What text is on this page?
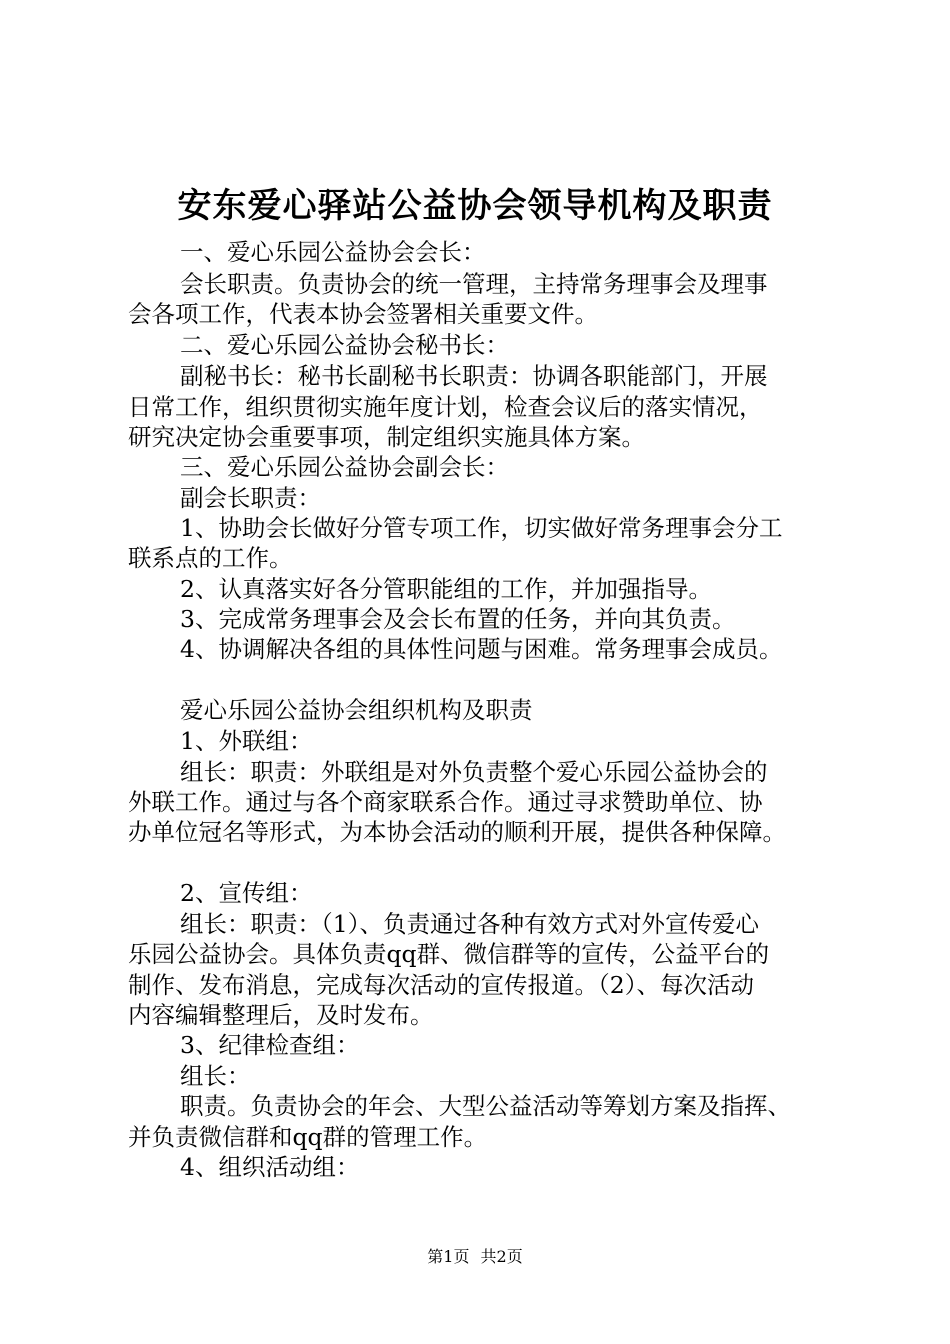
安东爱心驿站公益协会领导机构及职责
一、爱心乐园公益协会会长：
会长职责。负责协会的统一管理，主持常务理事会及理事
会各项工作，代表本协会签署相关重要文件。
二、爱心乐园公益协会秘书长：
副秘书长：秘书长副秘书长职责：协调各职能部门，开展
日常工作，组织贯彻实施年度计划，检查会议后的落实情况，
研究决定协会重要事项，制定组织实施具体方案。
三、爱心乐园公益协会副会长：
副会长职责：
1、协助会长做好分管专项工作，切实做好常务理事会分工
联系点的工作。
2、认真落实好各分管职能组的工作，并加强指导。
3、完成常务理事会及会长布置的任务，并向其负责。
4、协调解决各组的具体性问题与困难。常务理事会成员。
爱心乐园公益协会组织机构及职责
1、外联组：
组长：职责：外联组是对外负责整个爱心乐园公益协会的
外联工作。通过与各个商家联系合作。通过寻求赞助单位、协
办单位冠名等形式，为本协会活动的顺利开展，提供各种保障。
2、宣传组：
组长：职责：（1）、负责通过各种有效方式对外宣传爱心
乐园公益协会。具体负责qq群、微信群等的宣传，公益平台的
制作、发布消息，完成每次活动的宣传报道。（2）、每次活动
内容编辑整理后，及时发布。
3、纪律检查组：
组长：
职责。负责协会的年会、大型公益活动等筹划方案及指挥、
并负责微信群和qq群的管理工作。
4、组织活动组：
第1页 共2页
